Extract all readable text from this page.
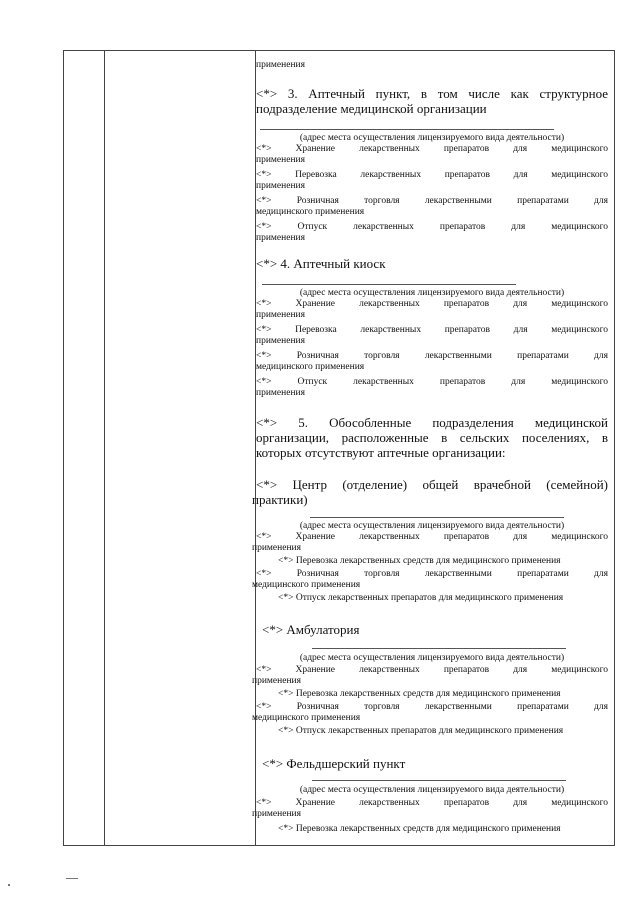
применения
<*> 3. Аптечный пункт, в том числе как структурное
подразделение медицинской организации
(адрес места осуществления лицензируемого вида деятельности)
<*> Хранение лекарственных препаратов для медицинского
применения
<*> Перевозка лекарственных препаратов для медицинского
применения
<*> Розничная торговля лекарственными препаратами для
медицинского применения
<*> Отпуск лекарственных препаратов для медицинского
применения
<*> 4. Аптечный киоск
(адрес места осуществления лицензируемого вида деятельности)
<*> Хранение лекарственных препаратов для медицинского
применения
<*> Перевозка лекарственных препаратов для медицинского
применения
<*> Розничная торговля лекарственными препаратами для
медицинского применения
<*> Отпуск лекарственных препаратов для медицинского
применения
<*> 5. Обособленные подразделения медицинской
организации, расположенные в сельских поселениях, в
которых отсутствуют аптечные организации:
<*> Центр (отделение) общей врачебной (семейной)
практики)
(адрес места осуществления лицензируемого вида деятельности)
<*> Хранение лекарственных препаратов для медицинского
применения
<*> Перевозка лекарственных средств для медицинского применения
<*> Розничная торговля лекарственными препаратами для
медицинского применения
<*> Отпуск лекарственных препаратов для медицинского применения
<*> Амбулатория
(адрес места осуществления лицензируемого вида деятельности)
<*> Хранение лекарственных препаратов для медицинского
применения
<*> Перевозка лекарственных средств для медицинского применения
<*> Розничная торговля лекарственными препаратами для
медицинского применения
<*> Отпуск лекарственных препаратов для медицинского применения
<*> Фельдшерский пункт
(адрес места осуществления лицензируемого вида деятельности)
<*> Хранение лекарственных препаратов для медицинского
применения
<*> Перевозка лекарственных средств для медицинского применения
